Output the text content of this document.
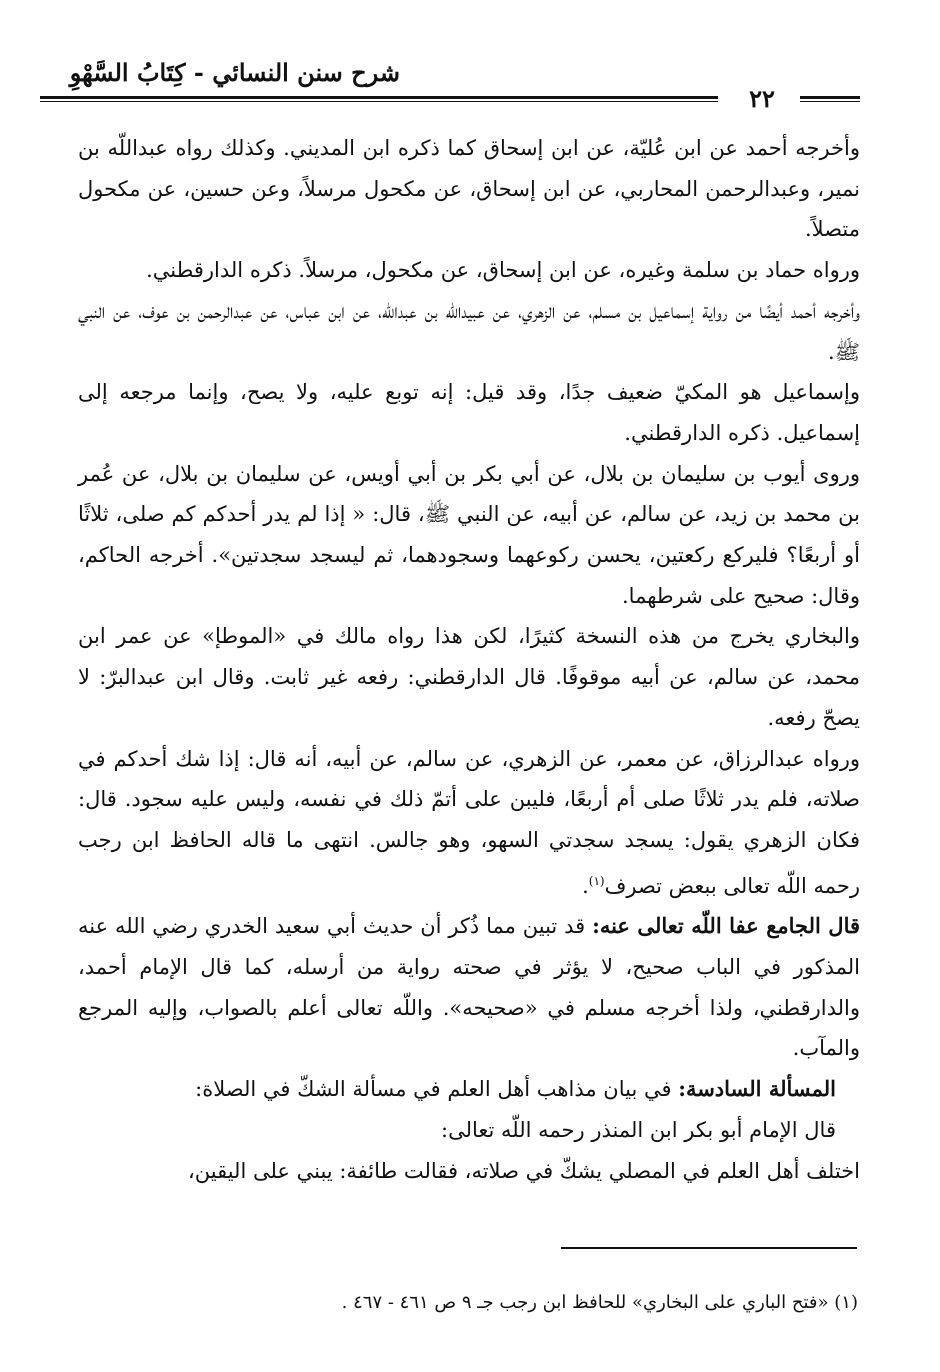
شرح سنن النسائي - كِتَابُ السَّهْوِ
٢٢

وأخرجه أحمد عن ابن عُليّة، عن ابن إسحاق كما ذكره ابن المديني. وكذلك رواه عبداللّه بن نمير، وعبدالرحمن المحاربي، عن ابن إسحاق، عن مكحول مرسلاً، وعن حسين، عن مكحول متصلاً.

ورواه حماد بن سلمة وغيره، عن ابن إسحاق، عن مكحول، مرسلاً. ذكره الدارقطني.

وأخرجه أحمد أيضًا من رواية إسماعيل بن مسلم، عن الزهري، عن عبيداللّه بن عبداللّه، عن ابن عباس، عن عبدالرحمن بن عوف، عن النبي ﷺ.

وإسماعيل هو المكيّ ضعيف جدًا، وقد قيل: إنه توبع عليه، ولا يصح، وإنما مرجعه إلى إسماعيل. ذكره الدارقطني.

وروى أيوب بن سليمان بن بلال، عن أبي بكر بن أبي أويس، عن سليمان بن بلال، عن عُمر بن محمد بن زيد، عن سالم، عن أبيه، عن النبي ﷺ، قال: « إذا لم يدر أحدكم كم صلى، ثلاثًا أو أربعًا؟ فليركع ركعتين، يحسن ركوعهما وسجودهما، ثم ليسجد سجدتين». أخرجه الحاكم، وقال: صحيح على شرطهما.

والبخاري يخرج من هذه النسخة كثيرًا، لكن هذا رواه مالك في «الموطإ» عن عمر ابن محمد، عن سالم، عن أبيه موقوفًا. قال الدارقطني: رفعه غير ثابت. وقال ابن عبدالبرّ: لا يصحّ رفعه.

ورواه عبدالرزاق، عن معمر، عن الزهري، عن سالم، عن أبيه، أنه قال: إذا شك أحدكم في صلاته، فلم يدر ثلاثًا صلى أم أربعًا، فليبن على أتمّ ذلك في نفسه، وليس عليه سجود. قال: فكان الزهري يقول: يسجد سجدتي السهو، وهو جالس. انتهى ما قاله الحافظ ابن رجب رحمه اللّه تعالى ببعض تصرف$^{(١)}$.

قال الجامع عفا اللّه تعالى عنه: قد تبين مما ذُكر أن حديث أبي سعيد الخدري رضي الله عنه المذكور في الباب صحيح، لا يؤثر في صحته رواية من أرسله، كما قال الإمام أحمد، والدارقطني، ولذا أخرجه مسلم في «صحيحه». واللّه تعالى أعلم بالصواب، وإليه المرجع والمآب.

المسألة السادسة: في بيان مذاهب أهل العلم في مسألة الشكّ في الصلاة:

قال الإمام أبو بكر ابن المنذر رحمه اللّه تعالى:

اختلف أهل العلم في المصلي يشكّ في صلاته، فقالت طائفة: يبني على اليقين،

(١) «فتح الباري على البخاري» للحافظ ابن رجب جـ ٩ ص ٤٦١ - ٤٦٧ .
